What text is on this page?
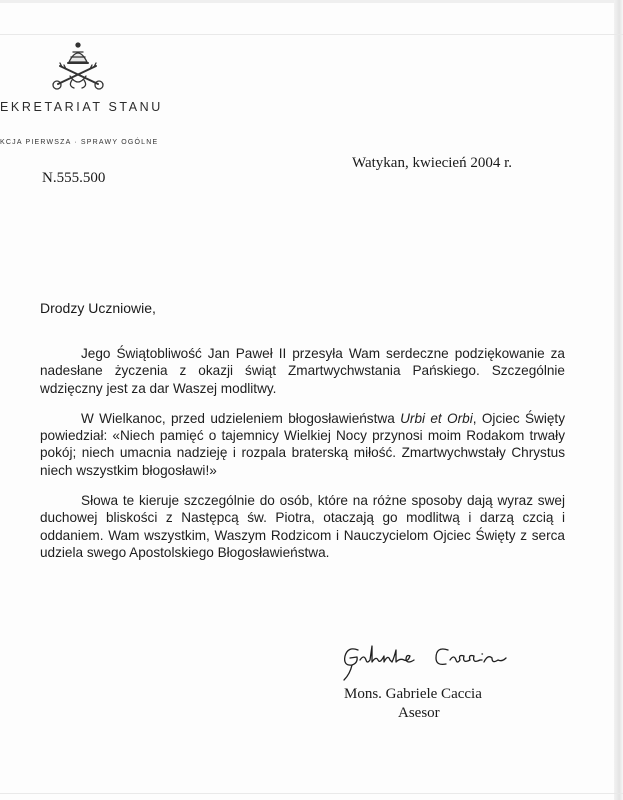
EKRETARIAT STANU
KCJA PIERWSZA · SPRAWY OGÓLNE
Watykan, kwiecień 2004 r.
N.555.500
Drodzy Uczniowie,

Jego Świątobliwość Jan Paweł II przesyła Wam serdeczne podziękowanie za nadesłane życzenia z okazji świąt Zmartwychwstania Pańskiego. Szczególnie wdzięczny jest za dar Waszej modlitwy.

W Wielkanoc, przed udzieleniem błogosławieństwa Urbi et Orbi, Ojciec Święty powiedział: «Niech pamięć o tajemnicy Wielkiej Nocy przynosi moim Rodakom trwały pokój; niech umacnia nadzieję i rozpala braterską miłość. Zmartwychwstały Chrystus niech wszystkim błogosławi!»

Słowa te kieruje szczególnie do osób, które na różne sposoby dają wyraz swej duchowej bliskości z Następcą św. Piotra, otaczają go modlitwą i darzą czcią i oddaniem. Wam wszystkim, Waszym Rodzicom i Nauczycielom Ojciec Święty z serca udziela swego Apostolskiego Błogosławieństwa.

Mons. Gabriele Caccia
Asesor
